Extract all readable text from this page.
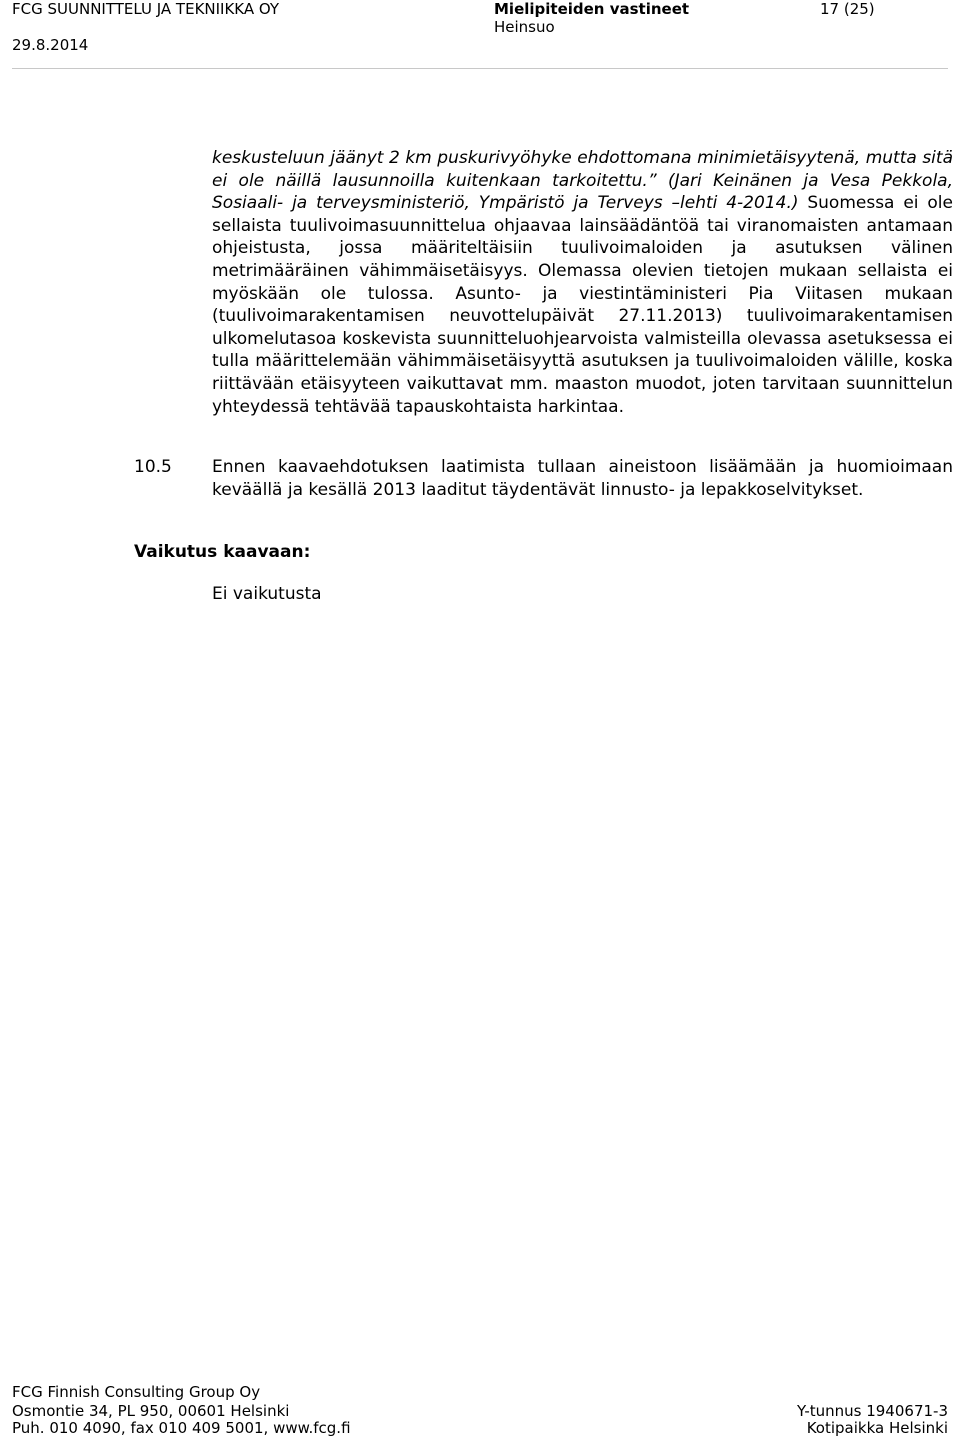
FCG SUUNNITTELU JA TEKNIIKKA OY
29.8.2014
Mielipiteiden vastineet
Heinsuo
17 (25)
keskusteluun jäänyt 2 km puskurivyöhyke ehdottomana minimietäisyytenä, mutta sitä ei ole näillä lausunnoilla kuitenkaan tarkoitettu.” (Jari Keinänen ja Vesa Pekkola, Sosiaali- ja terveysministeriö, Ympäristö ja Terveys –lehti 4-2014.) Suomessa ei ole sellaista tuulivoimasuunnittelua ohjaavaa lainsäädäntöä tai viranomaisten antamaan ohjeistusta, jossa määriteltäisiin tuulivoimaloiden ja asutuksen välinen metrimääräinen vähimmäisetäisyys. Olemassa olevien tietojen mukaan sellaista ei myöskään ole tulossa. Asunto- ja viestintäministeri Pia Viitasen mukaan (tuulivoimarakentamisen neuvottelupäivät 27.11.2013) tuulivoimarakentamisen ulkomelutasoa koskevista suunnitteluohjearvoista valmisteilla olevassa asetuksessa ei tulla määrittelemään vähimmäisetäisyyttä asutuksen ja tuulivoimaloiden välille, koska riittävään etäisyyteen vaikuttavat mm. maaston muodot, joten tarvitaan suunnittelun yhteydessä tehtävää tapauskohtaista harkintaa.
10.5 Ennen kaavaehdotuksen laatimista tullaan aineistoon lisäämään ja huomioimaan keväällä ja kesällä 2013 laaditut täydentävät linnusto- ja lepakkoselvitykset.
Vaikutus kaavaan:
Ei vaikutusta
FCG Finnish Consulting Group Oy
Osmontie 34, PL 950, 00601 Helsinki
Puh. 010 4090, fax 010 409 5001, www.fcg.fi
Y-tunnus 1940671-3
Kotipaikka Helsinki
